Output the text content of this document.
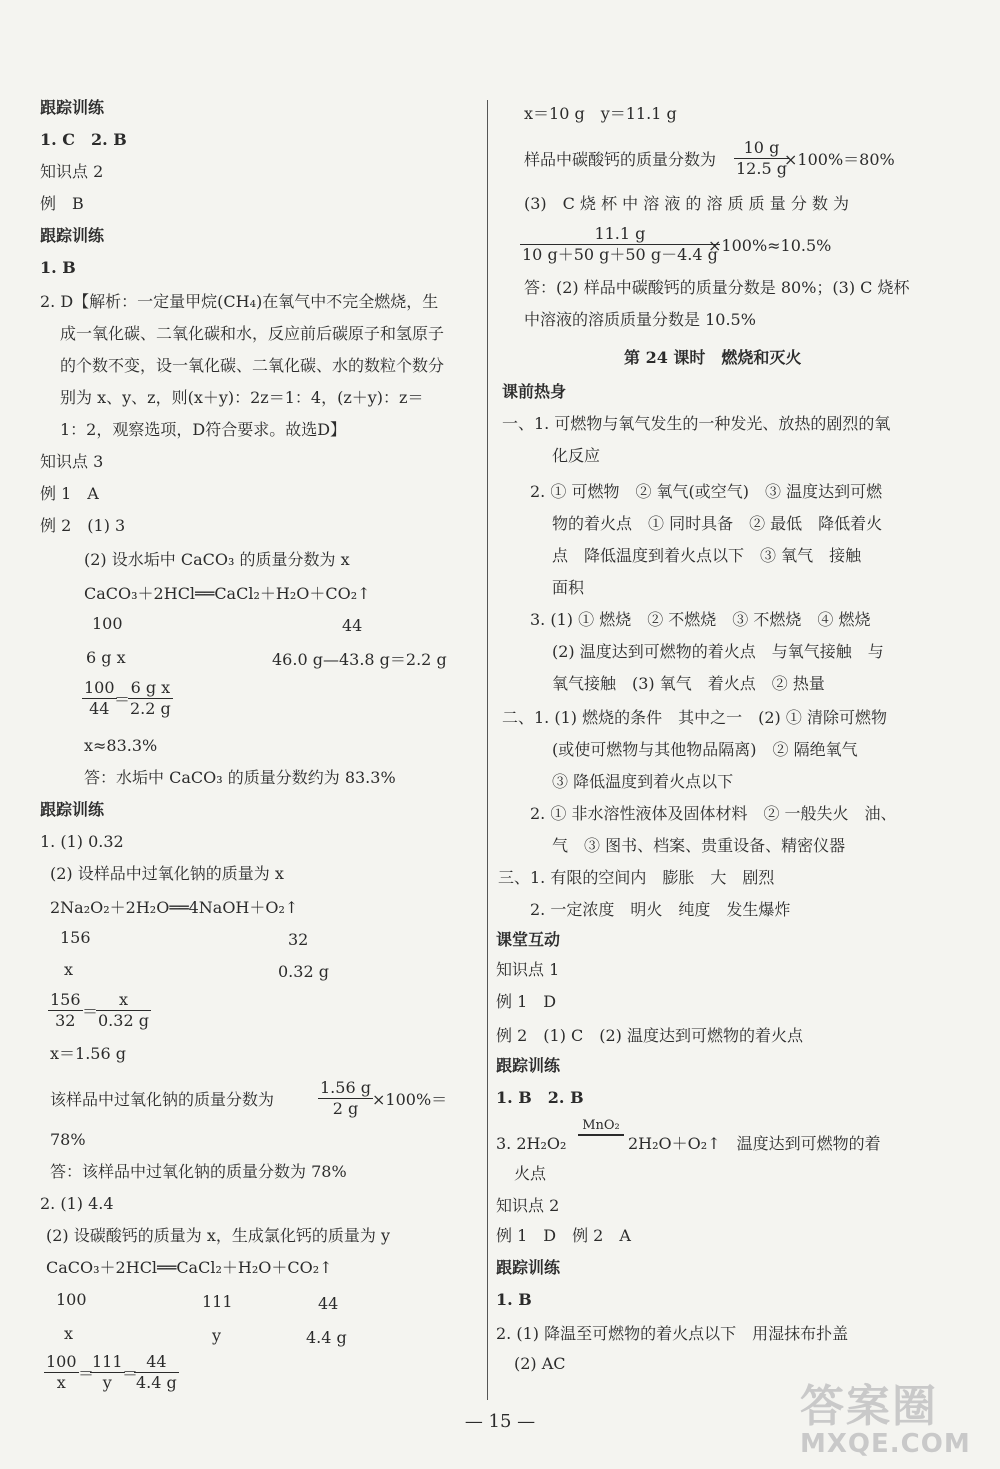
跟踪训练
1. C　2. B
知识点 2
例　B
跟踪训练
1. B
2. D【解析：一定量甲烷(CH₄)在氧气中不完全燃烧，生
成一氧化碳、二氧化碳和水，反应前后碳原子和氢原子
的个数不变，设一氧化碳、二氧化碳、水的数粒个数分
别为 x、y、z，则(x＋y)：2z＝1：4，(z＋y)：z＝
1：2，观察选项，D符合要求。故选D】
知识点 3
例 1　A
例 2　(1) 3
(2) 设水垢中 CaCO₃ 的质量分数为 x
CaCO₃＋2HCl══CaCl₂＋H₂O＋CO₂↑
100	44
6 g x	46.0 g—43.8 g＝2.2 g
$\frac{100}{44}$
＝
$\frac{\text{6 g x}}{2.2 g}$
x≈83.3%
答：水垢中 CaCO₃ 的质量分数约为 83.3%
跟踪训练
1. (1) 0.32
(2) 设样品中过氧化钠的质量为 x
2Na₂O₂＋2H₂O══4NaOH＋O₂↑
156	32
x	0.32 g
$\frac{156}{32}$ ＝
$\frac{x}{0.32 g}$
x＝1.56 g
该样品中过氧化钠的质量分数为	$\frac{1.56 g}{2 g} \times 100\%=$
78%
答：该样品中过氧化钠的质量分数为 78%
2. (1) 4.4
(2) 设碳酸钙的质量为 x，生成氯化钙的质量为 y
CaCO₃＋2HCl══CaCl₂＋H₂O＋CO₂↑
100	111	44
x	y	4.4 g
$\frac{100}{x}$ ＝
$\frac{111}{y}$
＝
$\frac{44}{4.4 g}$
x＝10 g　y＝11.1 g
样品中碳酸钙的质量分数为 $\frac{10 g}{12.5 g}$
×100%＝80%
(3)　C 烧 杯 中 溶 液 的 溶 质 质 量 分 数 为
$\frac{11.1 g}{10 g+50 g+50 g-4.4 g}$
×100%≈10.5%
答：(2) 样品中碳酸钙的质量分数是 80%；(3) C 烧杯
中溶液的溶质质量分数是 10.5%
第 24 课时　燃烧和灭火
课前热身
一、1. 可燃物与氧气发生的一种发光、放热的剧烈的氧
化反应
2. ① 可燃物　② 氧气(或空气)　③ 温度达到可燃
物的着火点　① 同时具备　② 最低　降低着火
点　降低温度到着火点以下　③ 氧气　接触
面积
3. (1) ① 燃烧　② 不燃烧　③ 不燃烧　④ 燃烧
(2) 温度达到可燃物的着火点　与氧气接触　与
氧气接触　(3) 氧气　着火点　② 热量
二、1. (1) 燃烧的条件　其中之一　(2) ① 清除可燃物
(或使可燃物与其他物品隔离)　② 隔绝氧气
③ 降低温度到着火点以下
2. ① 非水溶性液体及固体材料　② 一般失火　油、
气　③ 图书、档案、贵重设备、精密仪器
三、1. 有限的空间内　膨胀　大　剧烈
2. 一定浓度　明火　纯度　发生爆炸
课堂互动
知识点 1
例 1　D
例 2　(1) C　(2) 温度达到可燃物的着火点
跟踪训练
1. B　2. B
3. 2H₂O₂
MnO₂
2H₂O＋O₂↑　温度达到可燃物的着
火点
知识点 2
例 1　D　例 2　A
跟踪训练
1. B
2. (1) 降温至可燃物的着火点以下　用湿抹布扑盖
(2) AC
— 15 —	答案圈
MXQE.COM
